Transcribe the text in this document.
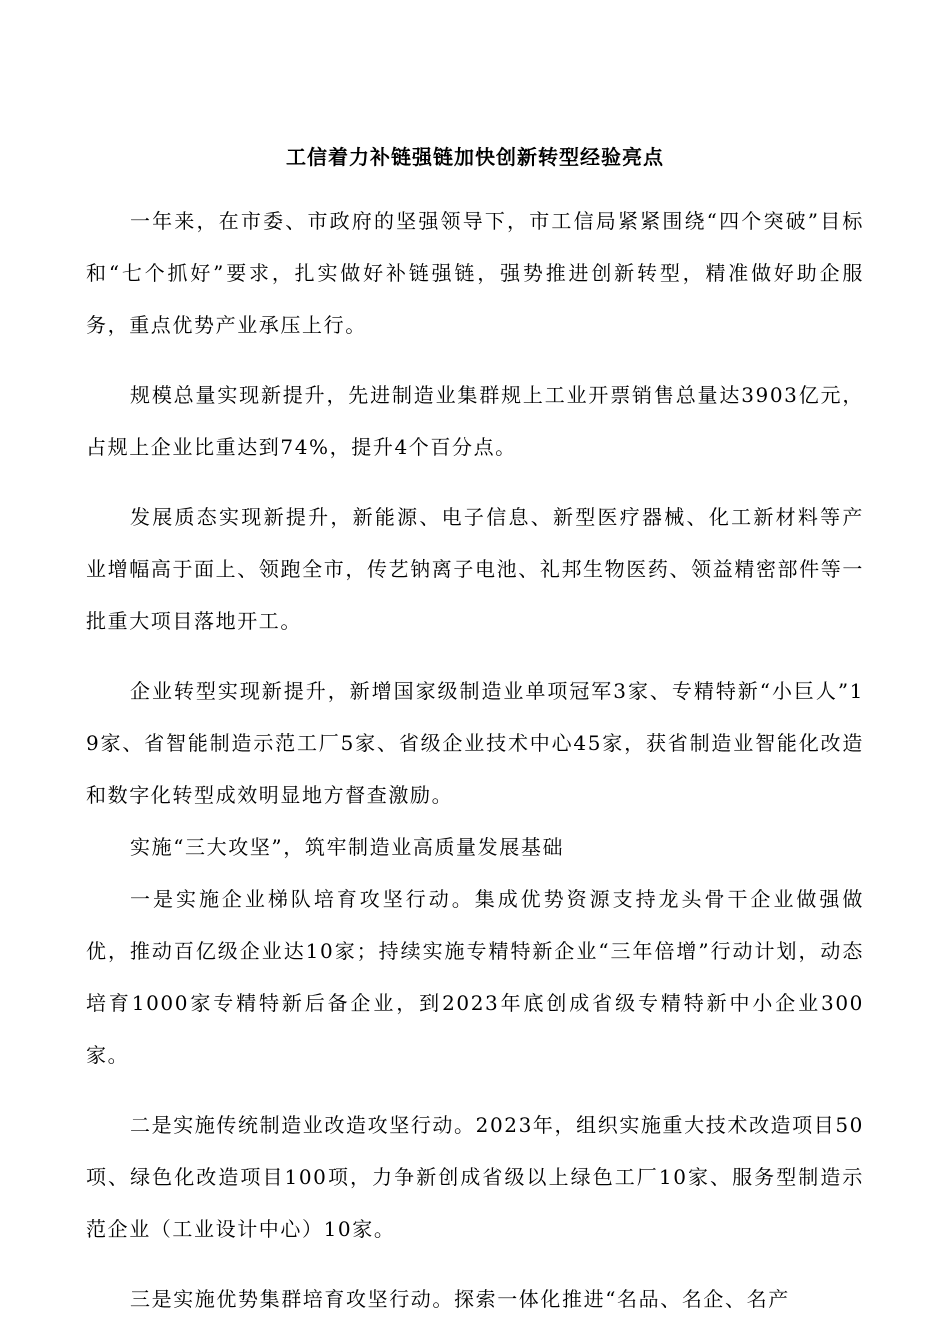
工信着力补链强链加快创新转型经验亮点

一年来，在市委、市政府的坚强领导下，市工信局紧紧围绕“四个突破”目标和“七个抓好”要求，扎实做好补链强链，强势推进创新转型，精准做好助企服务，重点优势产业承压上行。

规模总量实现新提升，先进制造业集群规上工业开票销售总量达3903亿元，占规上企业比重达到74%，提升4个百分点。

发展质态实现新提升，新能源、电子信息、新型医疗器械、化工新材料等产业增幅高于面上、领跑全市，传艺钠离子电池、礼邦生物医药、领益精密部件等一批重大项目落地开工。

企业转型实现新提升，新增国家级制造业单项冠军3家、专精特新“小巨人”19家、省智能制造示范工厂5家、省级企业技术中心45家，获省制造业智能化改造和数字化转型成效明显地方督查激励。

实施“三大攻坚”，筑牢制造业高质量发展基础

一是实施企业梯队培育攻坚行动。集成优势资源支持龙头骨干企业做强做优，推动百亿级企业达10家；持续实施专精特新企业“三年倍增”行动计划，动态培育1000家专精特新后备企业，到2023年底创成省级专精特新中小企业300家。

二是实施传统制造业改造攻坚行动。2023年，组织实施重大技术改造项目50项、绿色化改造项目100项，力争新创成省级以上绿色工厂10家、服务型制造示范企业（工业设计中心）10家。

三是实施优势集群培育攻坚行动。探索一体化推进“名品、名企、名产
